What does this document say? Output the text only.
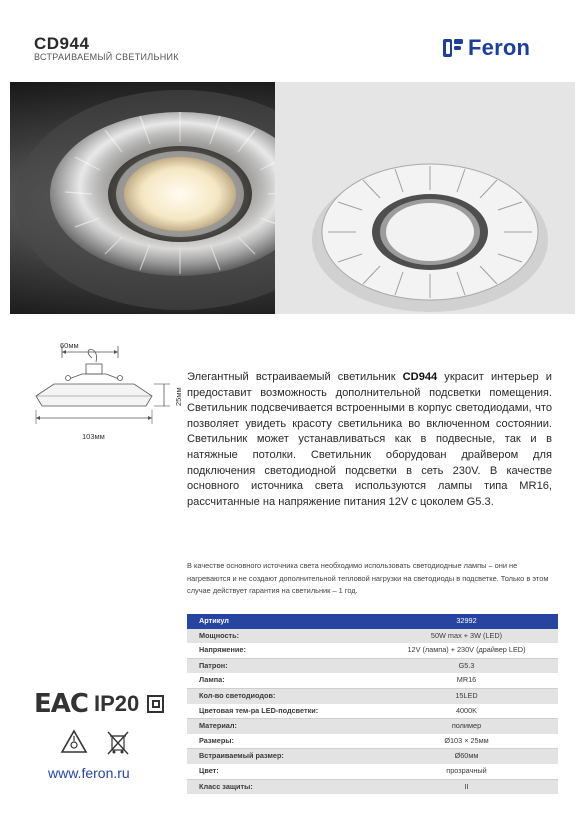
CD944
ВСТРАИВАЕМЫЙ СВЕТИЛЬНИК	Feron
60мм
25мм
103мм
Элегантный встраиваемый светильник CD944 украсит интерьер и предоставит возможность дополнительной подсветки помещения. Светильник подсвечивается встроенными в корпус светодиодами, что позволяет увидеть красоту светильника во включенном состоянии. Светильник может устанавливаться как в подвесные, так и в натяжные потолки. Светильник оборудован драйвером для подключения светодиодной подсветки в сеть 230V. В качестве основного источника света используются лампы типа MR16, рассчитанные на напряжение питания 12V с цоколем G5.3.
В качестве основного источника света необходимо использовать светодиодные лампы – они не нагреваются и не создают дополнительной тепловой нагрузки на светодиоды в подсветке. Только в этом случае действует гарантия на светильник – 1 год.
Артикул	32992
Мощность:	50W max + 3W (LED)
Напряжение:	12V (лампа) + 230V (драйвер LED)
Патрон:	G5.3
Лампа:	MR16
Кол-во светодиодов:	15LED
Цветовая тем-ра LED-подсветки:	4000K
Материал:	полимер
Размеры:	Ø103 × 25мм
Встраиваемый размер:	Ø60мм
Цвет:	прозрачный
Класс защиты:	II
ЕАС IP20
www.feron.ru
